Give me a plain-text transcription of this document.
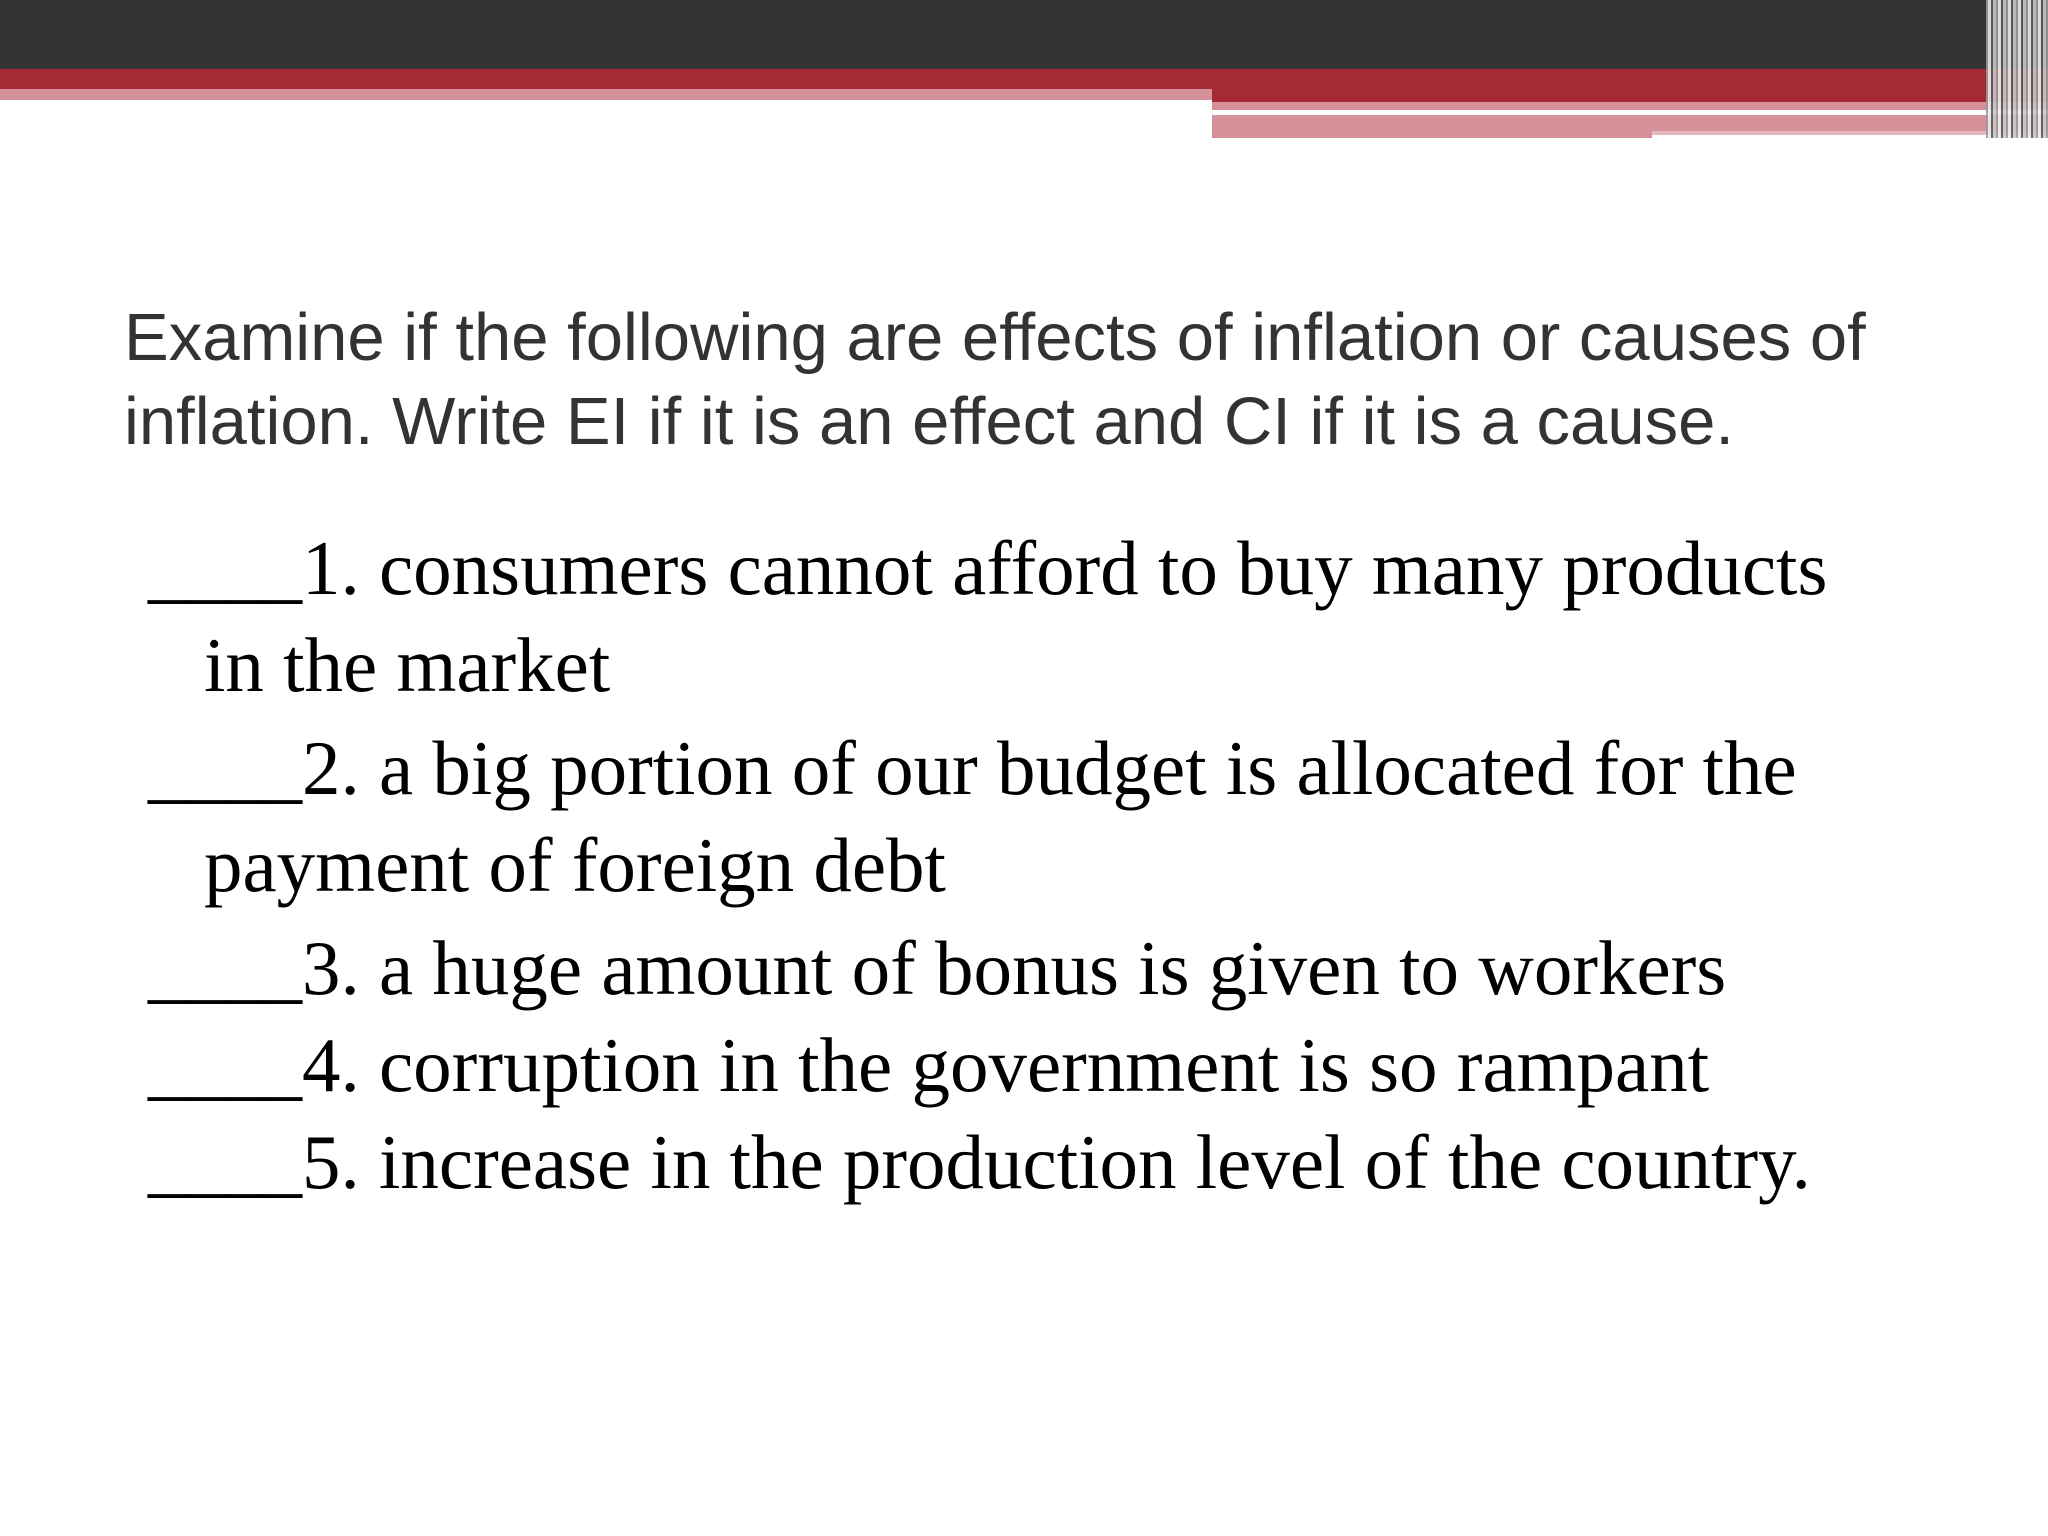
Examine if the following are effects of inflation or causes of
inflation. Write EI if it is an effect and CI if it is a cause.

____1. consumers cannot afford to buy many products
in the market
____2. a big portion of our budget is allocated for the
payment of foreign debt
____3. a huge amount of bonus is given to workers
____4. corruption in the government is so rampant
____5. increase in the production level of the country.
